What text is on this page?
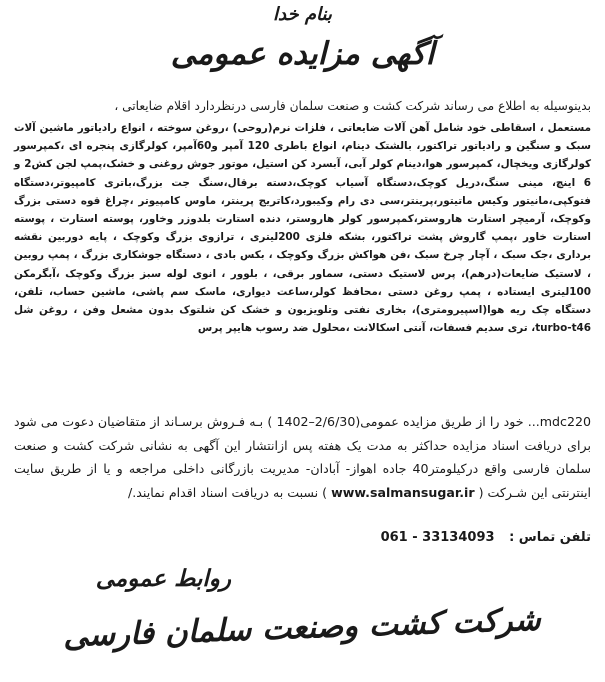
بنام خدا
آگهی مزایده عمومی
بدینوسیله به اطلاع می رساند شرکت کشت و صنعت سلمان فارسی درنظردارد اقلام ضایعاتی ،
مستعمل ، اسقاطی خود شامل آهن آلات ضایعاتی ، فلزات نرم(روحی) ،روغن سوخته ، انواع رادیاتور ماشین آلات سبک و سنگین و رادیاتور تراکتور، بالشتک دینام، انواع باطری 120 آمپر و60آمپر، کولرگازی پنجره ای ،کمپرسور کولرگازی ویخچال، کمپرسور هوا،دینام کولر آبی، آبسرد کن استیل، موتور جوش روغنی و خشک،پمپ لجن کش2 و 6 اینچ، مینی سنگ،دریل کوچک،دستگاه آسیاب کوچک،دسته برقال،سنگ جت بزرگ،باتری کامپیوتر،دستگاه فتوکپی،مانیتور وکیس ماتیتور،پرینتر،سی دی رام وکیبورد،کاتریج پرینتر، ماوس کامپیوتر ،چراغ قوه دستی بزرگ وکوچک، آرمیچر استارت هاروستر،کمپرسور کولر هاروستر، دنده استارت بلدوزر وخاور، پوسته استارت ، پوسته استارت خاور ،پمپ گاروش پشت تراکتور، بشکه فلزی 200لیتری ، ترازوی بزرگ وکوچک ، پایه دوربین نقشه برداری ،جک سبک ، آچار چرخ سبک ،فن هواکش بزرگ وکوچک ، بکس بادی ، دستگاه جوشکاری بزرگ ، پمپ روبین ، لاستیک ضایعات(درهم)، پرس لاستیک دستی، سماور برقی، ، بلوور ، انوی لوله سبز بزرگ وکوچک ،آبگرمکن 100لیتری ایستاده ، پمپ روغن دستی ،محافظ کولر،ساعت دیواری، ماسک سم پاشی، ماشین حساب، تلفن، دستگاه چک ریه هوا(اسپیرومتری)، بخاری نفتی وتلویزیون و خشک کن شلتوک بدون مشعل وفن ، روغن شل turbo-t46، تری سدیم فسفات، آنتی اسکالانت ،محلول ضد رسوب هایپر پرس
mdc220... خود را از طریق مزایده عمومی(2/6/30–1402 ) بـه فـروش برسـاند از متقاضیان دعوت می شود برای دریافت اسناد مزایده حداکثر به مدت یک هفته پس ازانتشار این آگهی به نشانی شرکت کشت و صنعت سلمان فارسی واقع درکیلومتر40 جاده اهواز- آبادان- مدیریت بازرگانی داخلی مراجعه و یا از طریق سایت اینترنتی این شـرکت ( www.salmansugar.ir ) نسبت به دریافت اسناد اقدام نمایند./
تلفن تماس : 33134093 - 061
روابط عمومی
شرکت کشت وصنعت سلمان فارسی
